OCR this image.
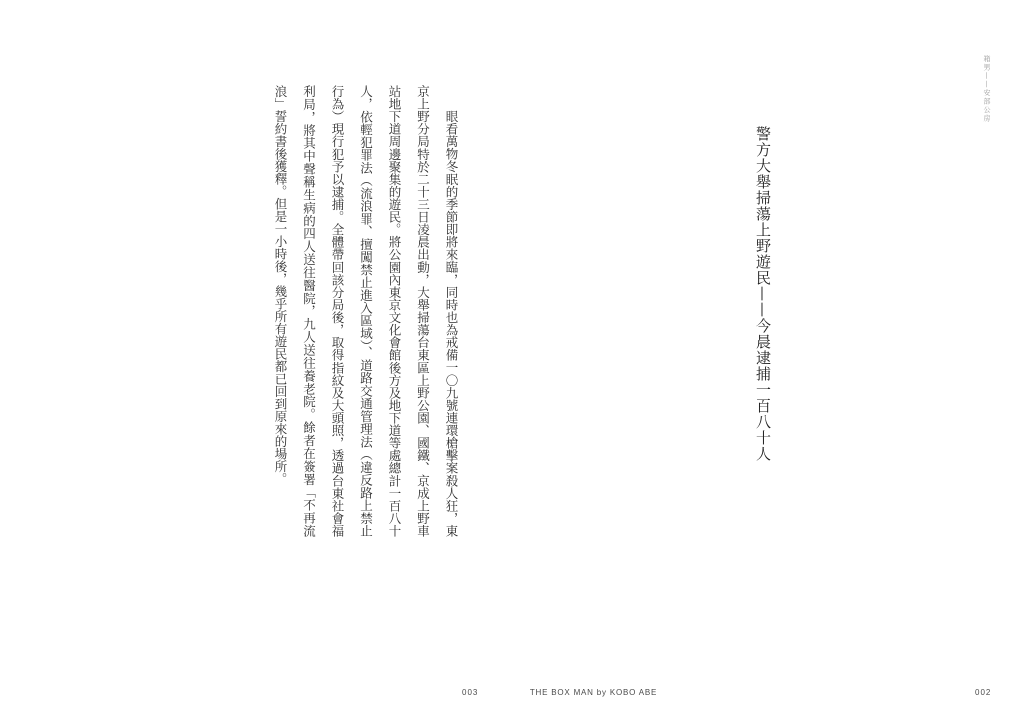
箱男——安部公房
警方大舉掃蕩上野遊民——今晨逮捕一百八十人

眼看萬物冬眠的季節即將來臨，同時也為戒備一〇九號連環槍擊案殺人狂，東京上野分局特於二十三日凌晨出動，大舉掃蕩台東區上野公園、國鐵、京成上野車站地下道周邊聚集的遊民。將公園內東京文化會館後方及地下道等處總計一百八十人，依輕犯罪法（流浪罪、擅闖禁止進入區域）、道路交通管理法（違反路上禁止行為）現行犯予以逮捕。全體帶回該分局後，取得指紋及大頭照，透過台東社會福利局，將其中聲稱生病的四人送往醫院，九人送往養老院。餘者在簽署「不再流浪」誓約書後獲釋。但是一小時後，幾乎所有遊民都已回到原來的場所。

003	THE BOX MAN by KOBO ABE	002
